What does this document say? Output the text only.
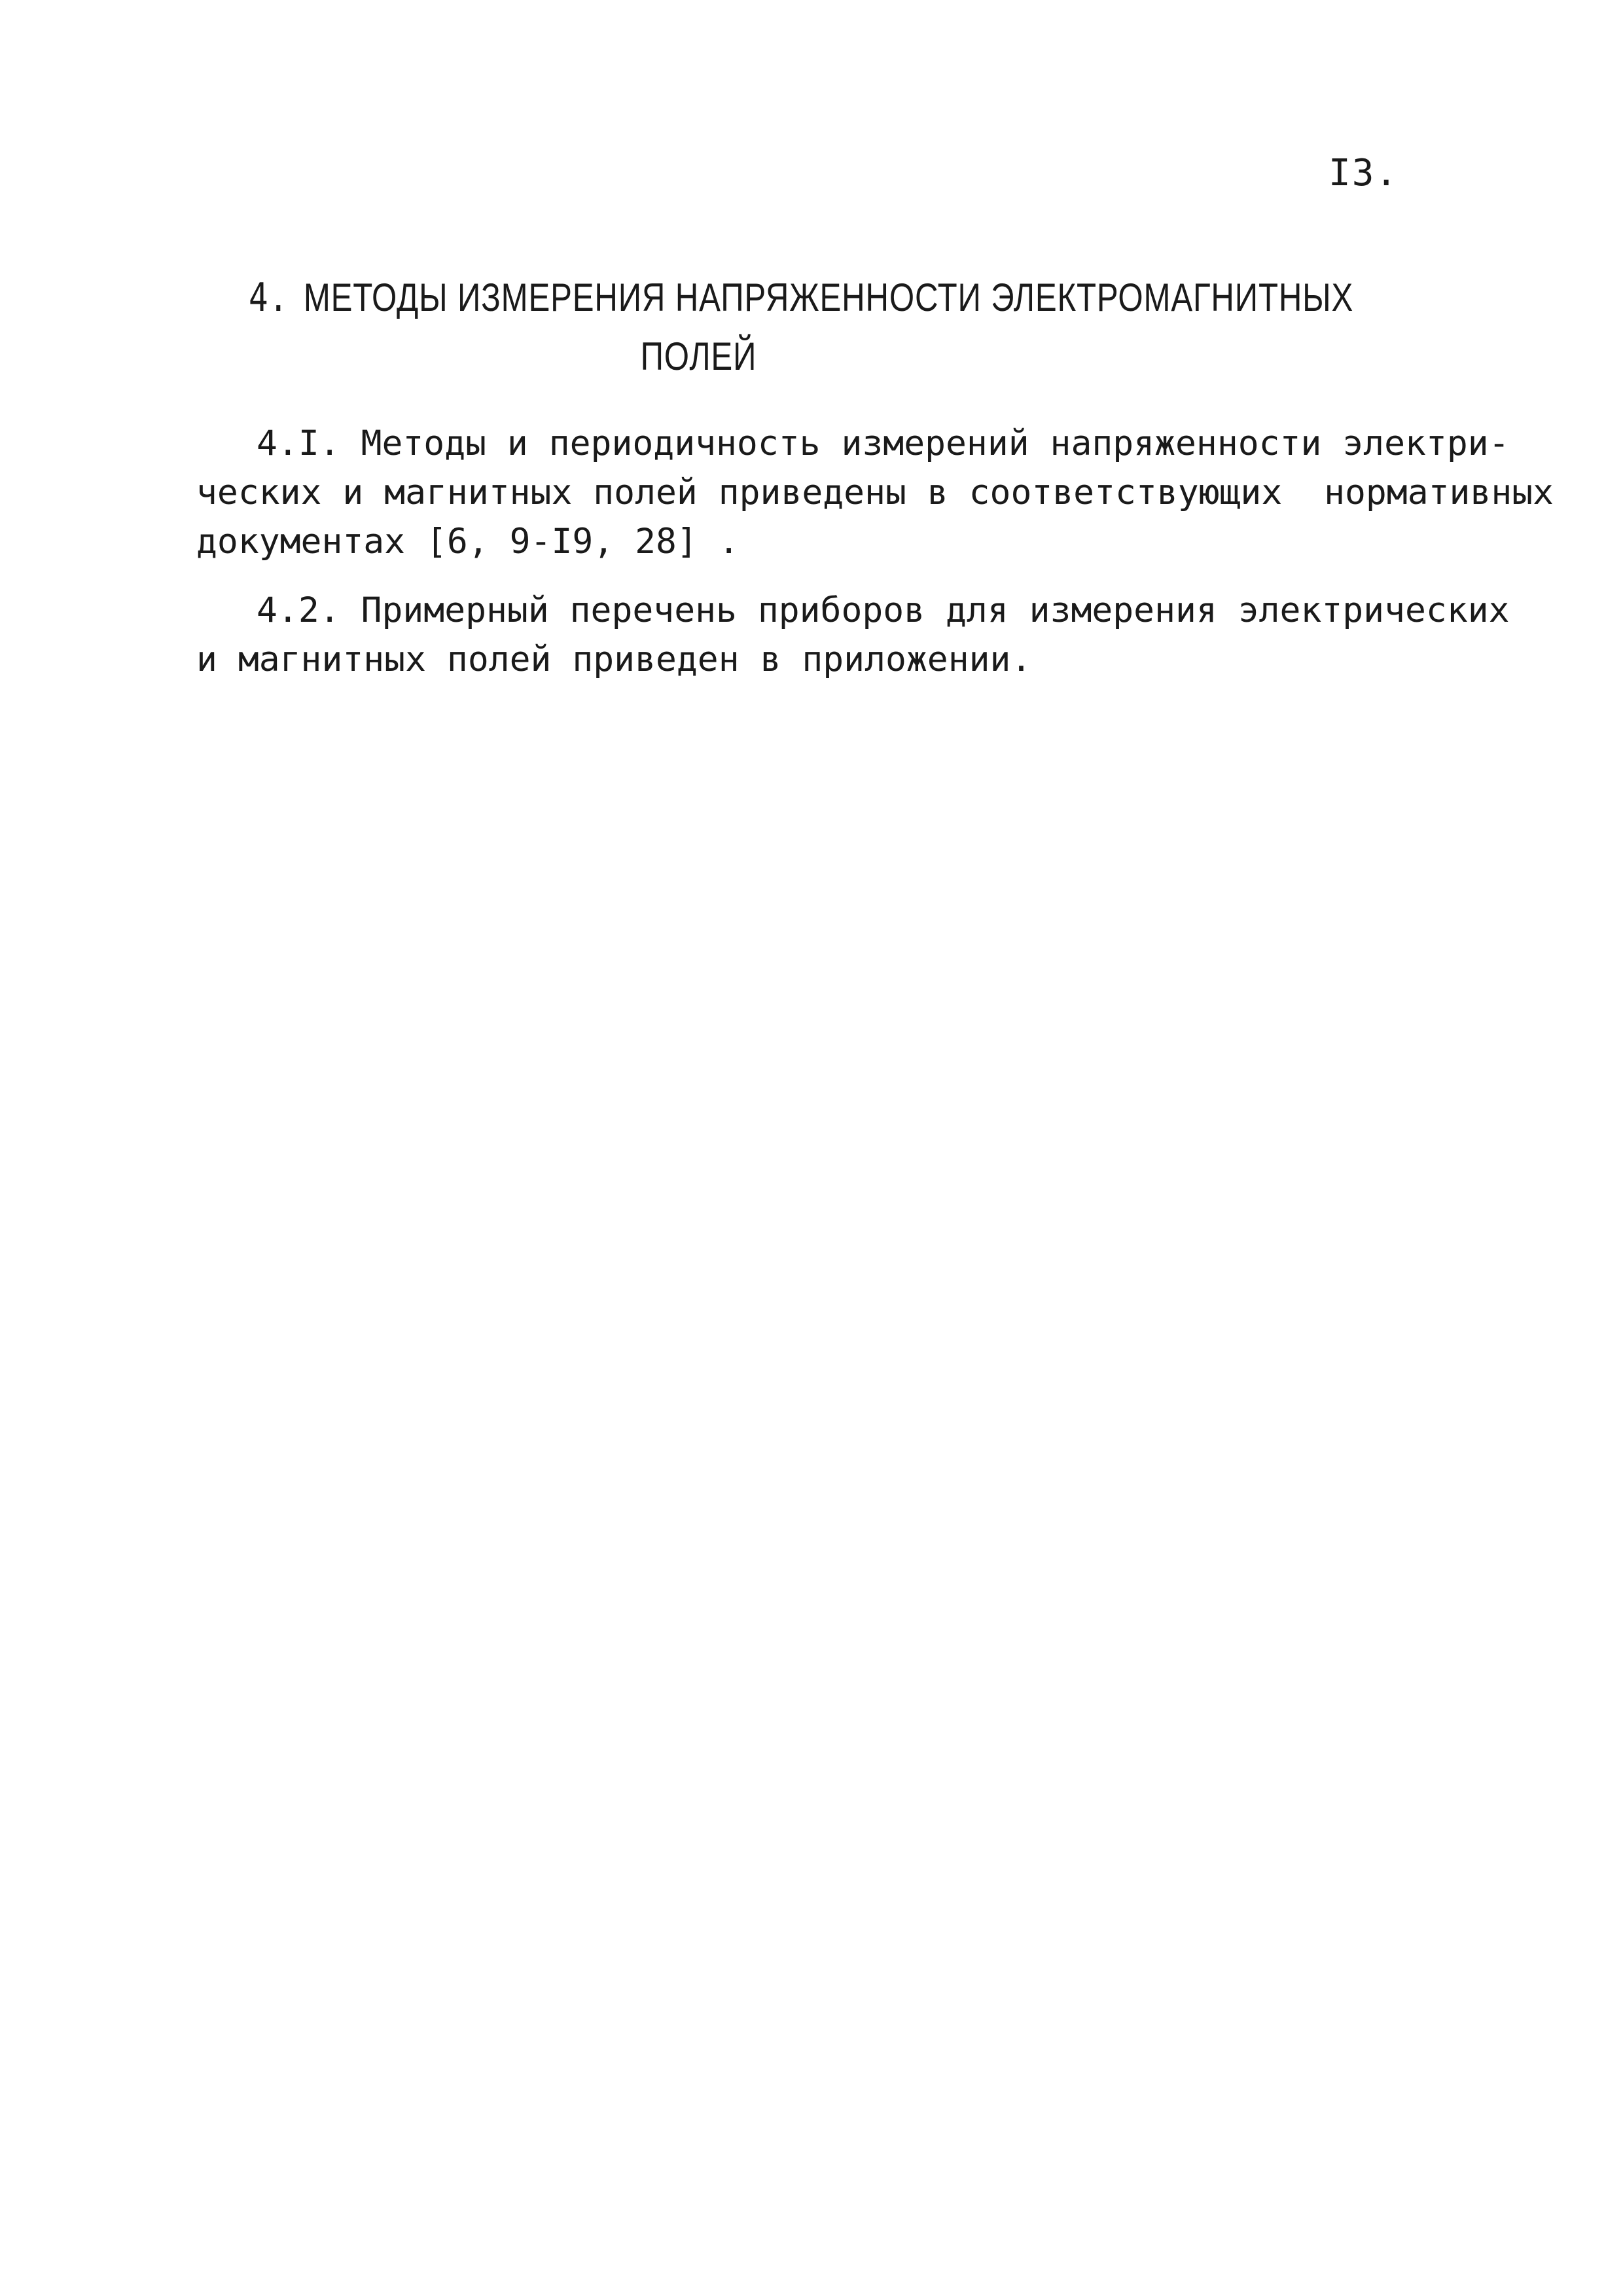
I3.
4. МЕТОДЫ ИЗМЕРЕНИЯ НАПРЯЖЕННОСТИ ЭЛЕКТРОМАГНИТНЫХ
ПОЛЕЙ
4.I. Методы и периодичность измерений напряженности электри-
ческих и магнитных полей приведены в соответствующих  нормативных
документах [6, 9-I9, 28] .
4.2. Примерный перечень приборов для измерения электрических
и магнитных полей приведен в приложении.
